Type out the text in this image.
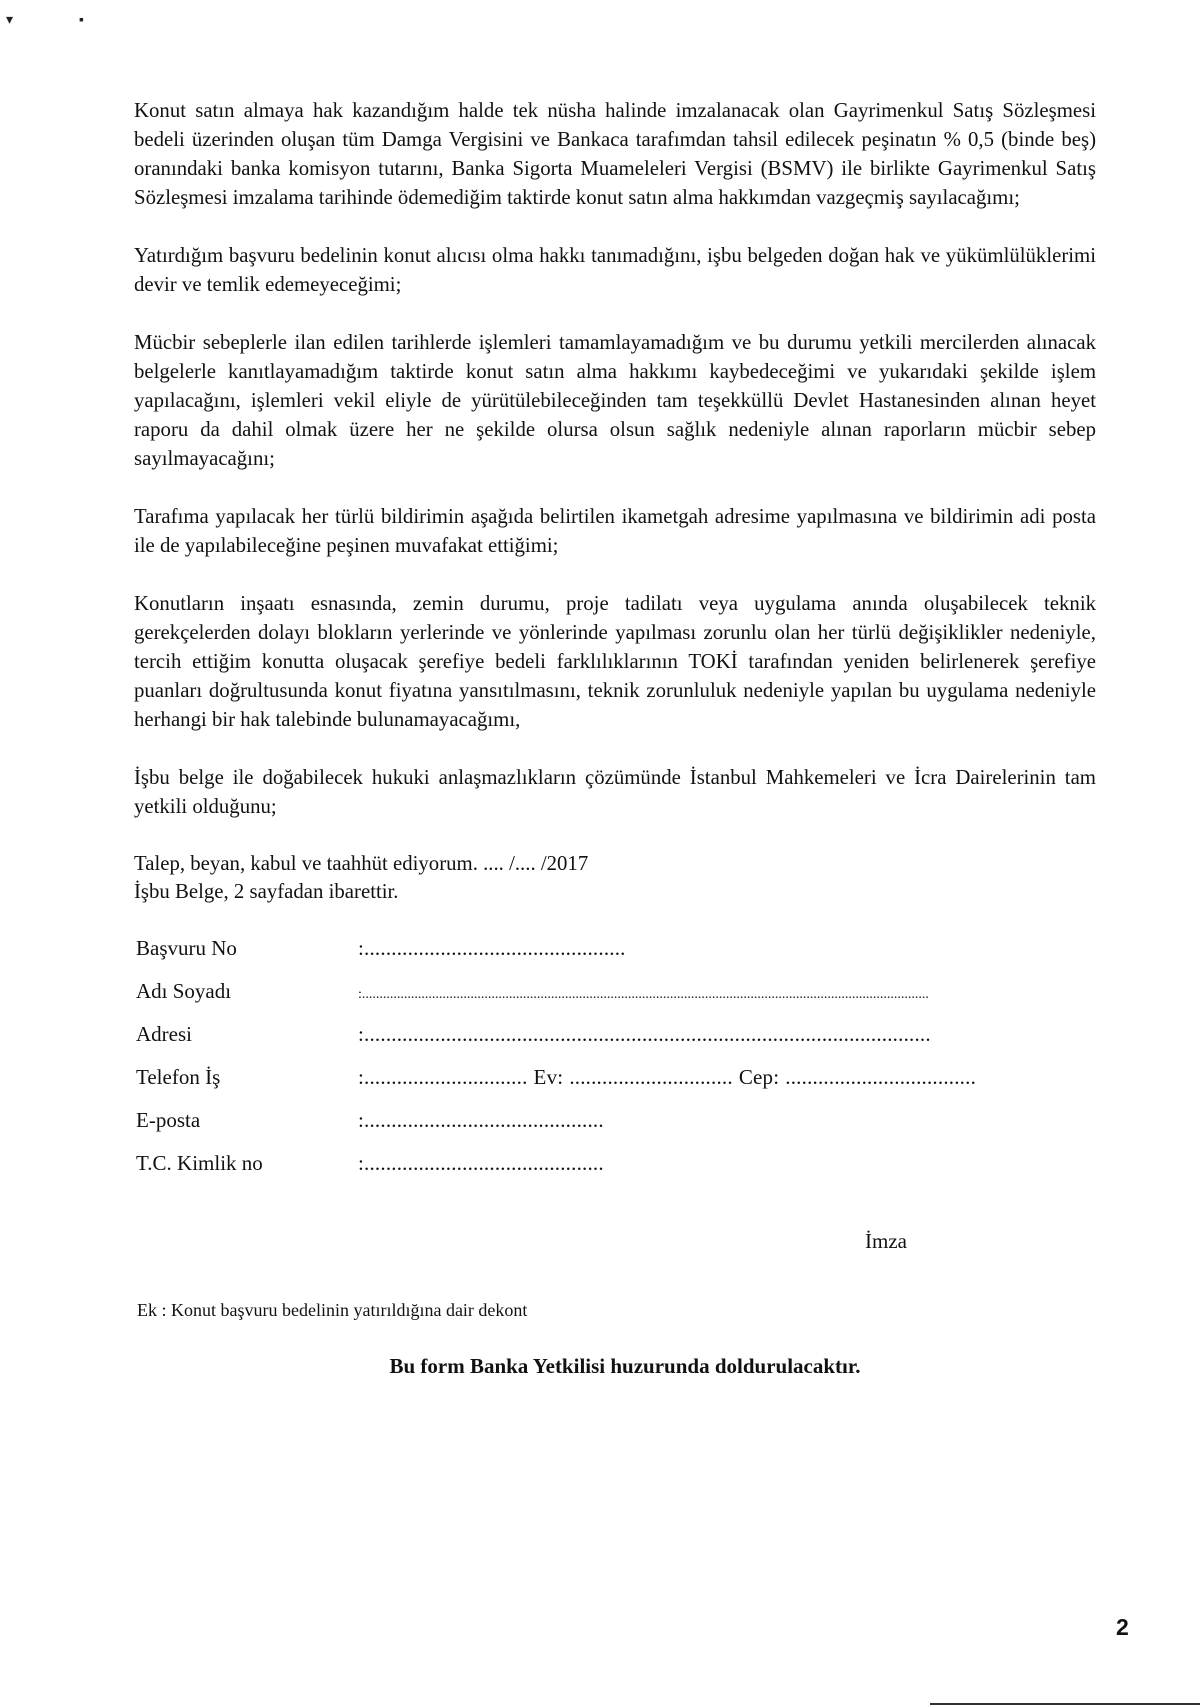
▾	▪

Konut satın almaya hak kazandığım halde tek nüsha halinde imzalanacak olan Gayrimenkul Satış Sözleşmesi bedeli üzerinden oluşan tüm Damga Vergisini ve Bankaca tarafımdan tahsil edilecek peşinatın % 0,5 (binde beş) oranındaki banka komisyon tutarını, Banka Sigorta Muameleleri Vergisi (BSMV) ile birlikte Gayrimenkul Satış Sözleşmesi imzalama tarihinde ödemediğim taktirde konut satın alma hakkımdan vazgeçmiş sayılacağımı;

Yatırdığım başvuru bedelinin konut alıcısı olma hakkı tanımadığını, işbu belgeden doğan hak ve yükümlülüklerimi devir ve temlik edemeyeceğimi;

Mücbir sebeplerle ilan edilen tarihlerde işlemleri tamamlayamadığım ve bu durumu yetkili mercilerden alınacak belgelerle kanıtlayamadığım taktirde konut satın alma hakkımı kaybedeceğimi ve yukarıdaki şekilde işlem yapılacağını, işlemleri vekil eliyle de yürütülebileceğinden tam teşekküllü Devlet Hastanesinden alınan heyet raporu da dahil olmak üzere her ne şekilde olursa olsun sağlık nedeniyle alınan raporların mücbir sebep sayılmayacağını;

Tarafıma yapılacak her türlü bildirimin aşağıda belirtilen ikametgah adresime yapılmasına ve bildirimin adi posta ile de yapılabileceğine peşinen muvafakat ettiğimi;

Konutların inşaatı esnasında, zemin durumu, proje tadilatı veya uygulama anında oluşabilecek teknik gerekçelerden dolayı blokların yerlerinde ve yönlerinde yapılması zorunlu olan her türlü değişiklikler nedeniyle, tercih ettiğim konutta oluşacak şerefiye bedeli farklılıklarının TOKİ tarafından yeniden belirlenerek şerefiye puanları doğrultusunda konut fiyatına yansıtılmasını, teknik zorunluluk nedeniyle yapılan bu uygulama nedeniyle herhangi bir hak talebinde bulunamayacağımı,

İşbu belge ile doğabilecek hukuki anlaşmazlıkların çözümünde İstanbul Mahkemeleri ve İcra Dairelerinin tam yetkili olduğunu;

Talep, beyan, kabul ve taahhüt ediyorum. .... /.... /2017
İşbu Belge, 2 sayfadan ibarettir.
Başvuru No	:................................................
Adı Soyadı	:..................................................................................................................................................................
Adresi	:........................................................................................................
Telefon İş	:.............................. Ev: .............................. Cep: ...................................
E-posta	:............................................
T.C. Kimlik no	:............................................
İmza
Ek : Konut başvuru bedelinin yatırıldığına dair dekont
Bu form Banka Yetkilisi huzurunda doldurulacaktır.
2
